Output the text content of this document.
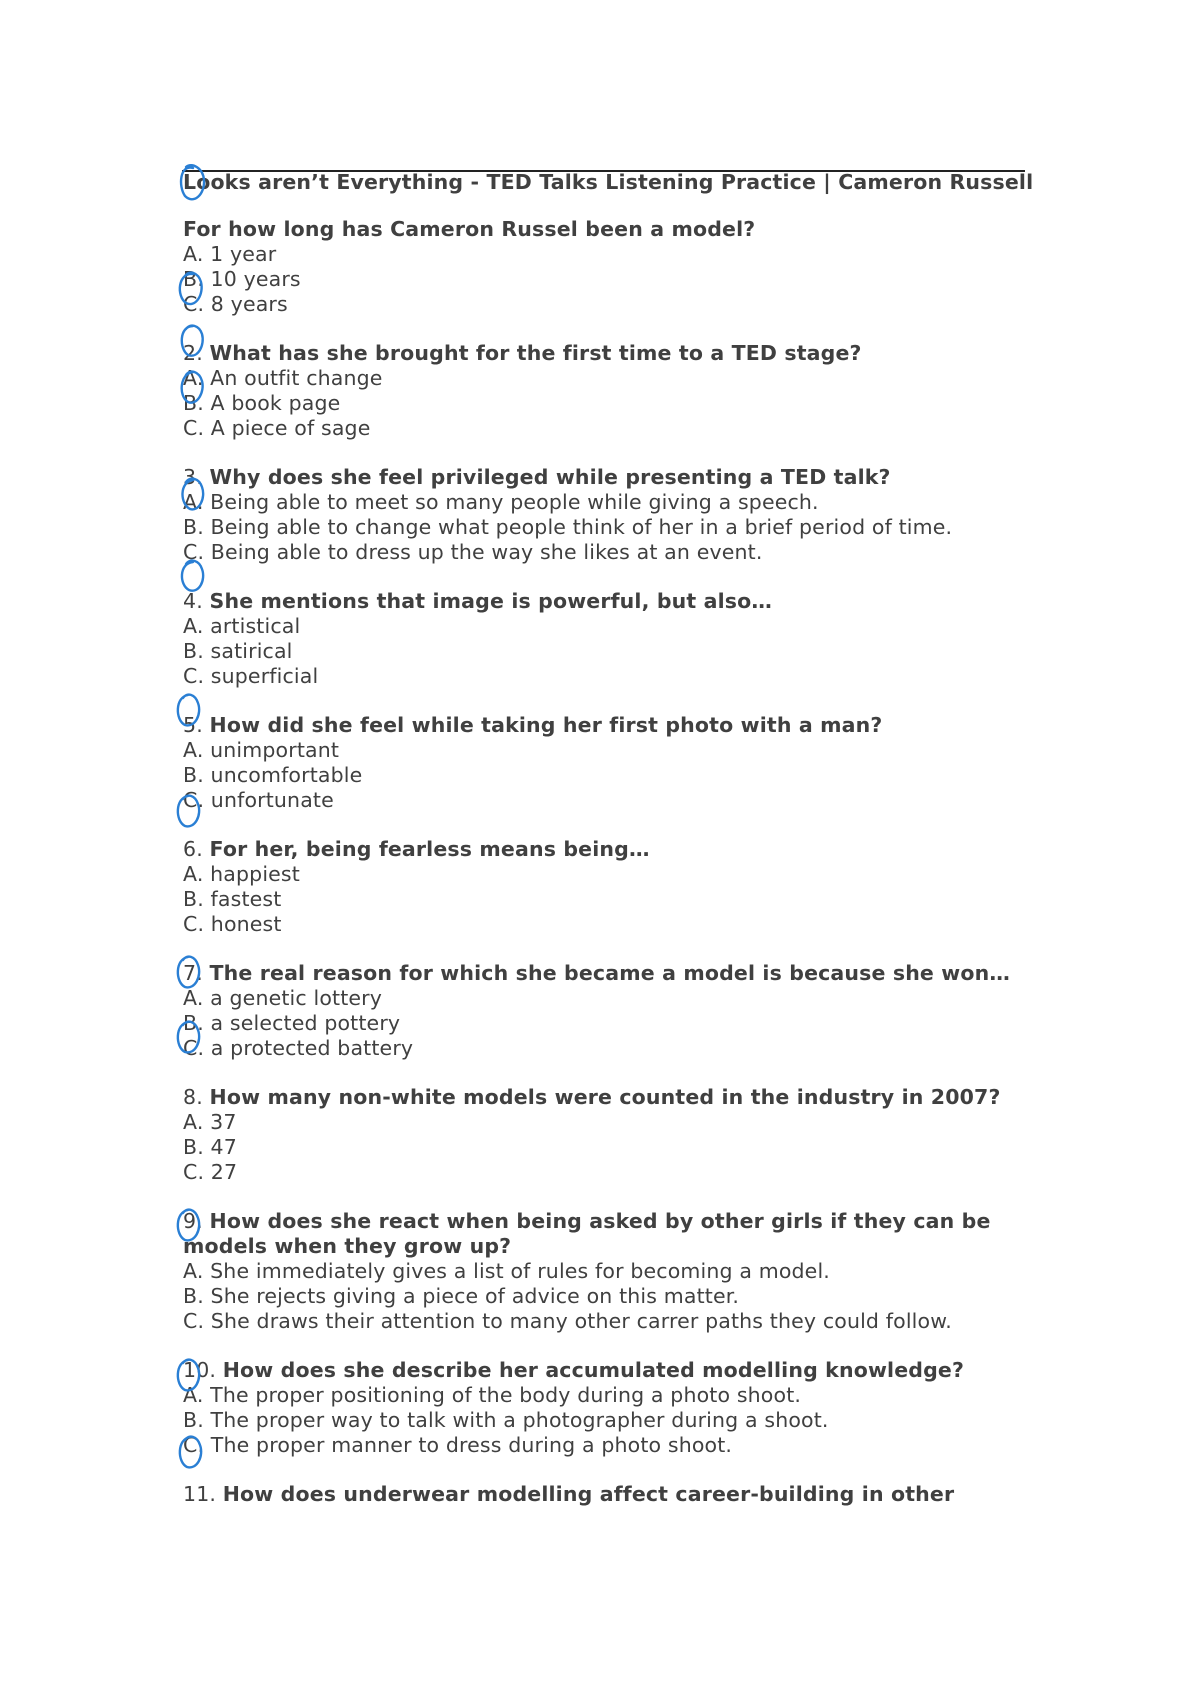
Looks aren’t Everything - TED Talks Listening Practice | Cameron Russell
For how long has Cameron Russel been a model?
A. 1 year
B. 10 years
C. 8 years
2. What has she brought for the first time to a TED stage?
A. An outfit change
B. A book page
C. A piece of sage
3. Why does she feel privileged while presenting a TED talk?
A. Being able to meet so many people while giving a speech.
B. Being able to change what people think of her in a brief period of time.
C. Being able to dress up the way she likes at an event.
4. She mentions that image is powerful, but also…
A. artistical
B. satirical
C. superficial
5. How did she feel while taking her first photo with a man?
A. unimportant
B. uncomfortable
C. unfortunate
6. For her, being fearless means being…
A. happiest
B. fastest
C. honest
7. The real reason for which she became a model is because she won…
A. a genetic lottery
B. a selected pottery
C. a protected battery
8. How many non-white models were counted in the industry in 2007?
A. 37
B. 47
C. 27
9. How does she react when being asked by other girls if they can be models when they grow up?
A. She immediately gives a list of rules for becoming a model.
B. She rejects giving a piece of advice on this matter.
C. She draws their attention to many other carrer paths they could follow.
10. How does she describe her accumulated modelling knowledge?
A. The proper positioning of the body during a photo shoot.
B. The proper way to talk with a photographer during a shoot.
C. The proper manner to dress during a photo shoot.
11. How does underwear modelling affect career-building in other
